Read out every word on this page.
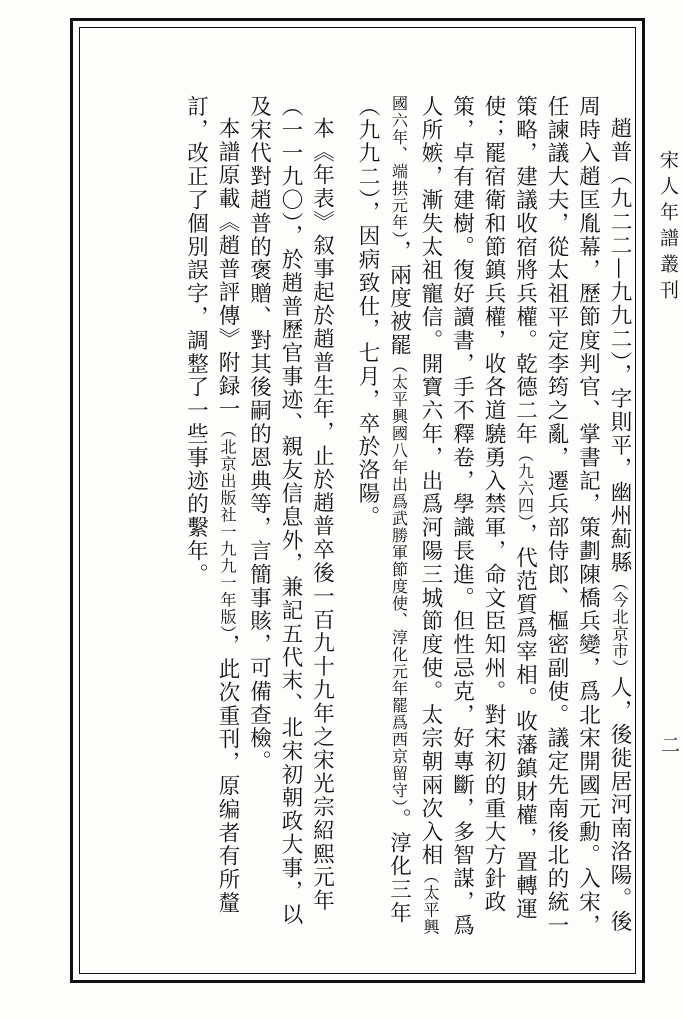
宋人年譜叢刊
二

趙普（九二二—九九二），字則平，幽州薊縣（今北京市）人，後徙居河南洛陽。後周時入趙匡胤幕，歷節度判官、掌書記，策劃陳橋兵變，爲北宋開國元勳。入宋，任諫議大夫，從太祖平定李筠之亂，遷兵部侍郎、樞密副使。議定先南後北的統一策略，建議收宿將兵權。乾德二年（九六四），代范質爲宰相。收藩鎮財權，置轉運使；罷宿衛和節鎮兵權，收各道驍勇入禁軍，命文臣知州。對宋初的重大方針政策，卓有建樹。復好讀書，手不釋卷，學識長進。但性忌克，好專斷，多智謀，爲人所嫉，漸失太祖寵信。開寶六年，出爲河陽三城節度使。太宗朝兩次入相（太平興國六年、端拱元年），兩度被罷（太平興國八年出爲武勝軍節度使、淳化元年罷爲西京留守）。淳化三年（九九二），因病致仕，七月，卒於洛陽。

本《年表》叙事起於趙普生年，止於趙普卒後一百九十九年之宋光宗紹熙元年（一一九〇），於趙普歷官事迹、親友信息外，兼記五代末、北宋初朝政大事，以及宋代對趙普的褒贈、對其後嗣的恩典等，言簡事賅，可備查檢。

本譜原載《趙普評傳》附録一（北京出版社一九九一年版），此次重刊，原编者有所釐訂，改正了個別誤字，調整了一些事迹的繫年。
